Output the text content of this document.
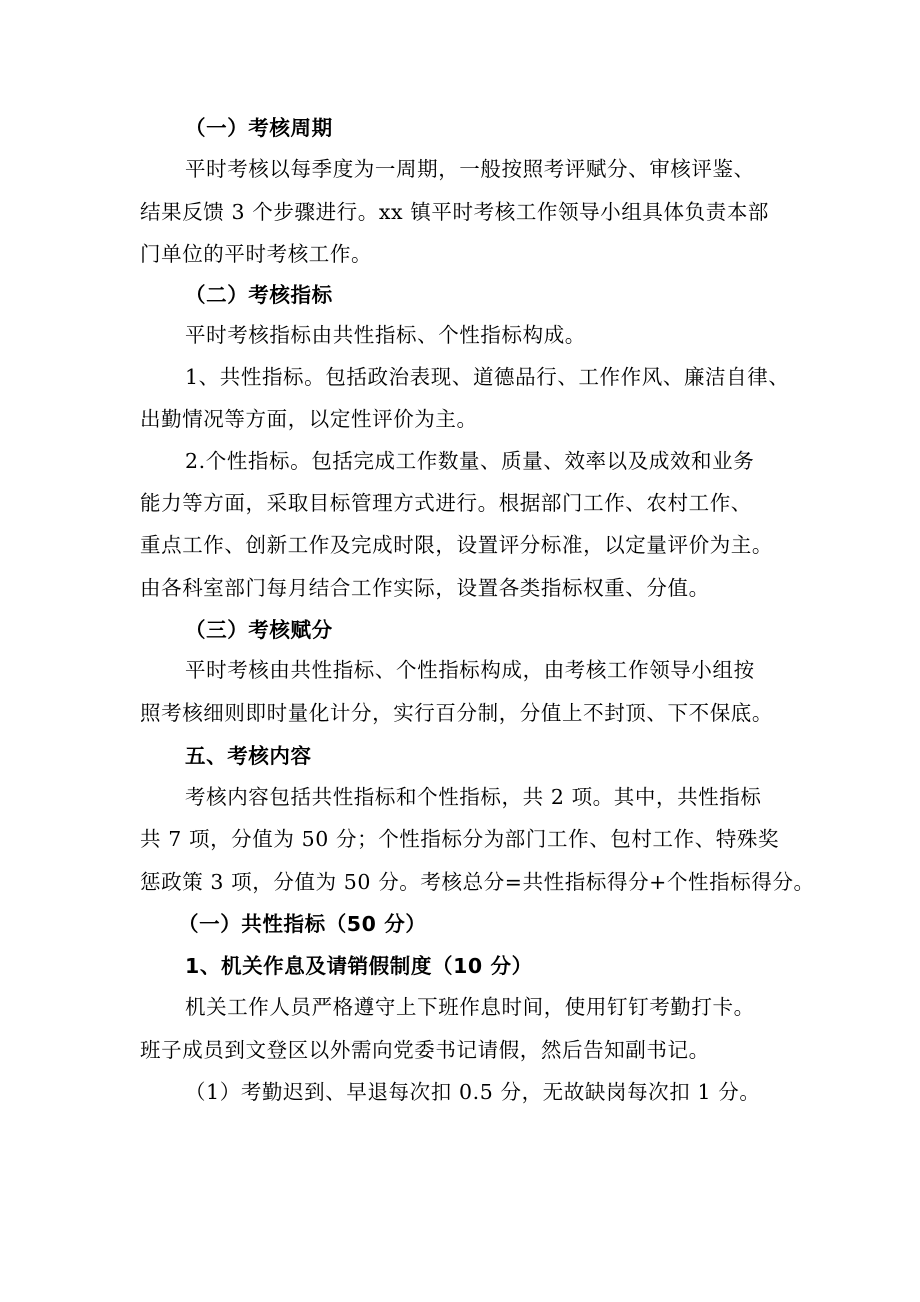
（一）考核周期
平时考核以每季度为一周期，一般按照考评赋分、审核评鉴、
结果反馈 3 个步骤进行。xx 镇平时考核工作领导小组具体负责本部
门单位的平时考核工作。
（二）考核指标
平时考核指标由共性指标、个性指标构成。
1、共性指标。包括政治表现、道德品行、工作作风、廉洁自律、
出勤情况等方面，以定性评价为主。
2.个性指标。包括完成工作数量、质量、效率以及成效和业务
能力等方面，采取目标管理方式进行。根据部门工作、农村工作、
重点工作、创新工作及完成时限，设置评分标准，以定量评价为主。
由各科室部门每月结合工作实际，设置各类指标权重、分值。
（三）考核赋分
平时考核由共性指标、个性指标构成，由考核工作领导小组按
照考核细则即时量化计分，实行百分制，分值上不封顶、下不保底。
五、考核内容
考核内容包括共性指标和个性指标，共 2 项。其中，共性指标
共 7 项，分值为 50 分；个性指标分为部门工作、包村工作、特殊奖
惩政策 3 项，分值为 50 分。考核总分=共性指标得分+个性指标得分。
（一）共性指标（50 分）
1、机关作息及请销假制度（10 分）
机关工作人员严格遵守上下班作息时间，使用钉钉考勤打卡。
班子成员到文登区以外需向党委书记请假，然后告知副书记。
（1）考勤迟到、早退每次扣 0.5 分，无故缺岗每次扣 1 分。
